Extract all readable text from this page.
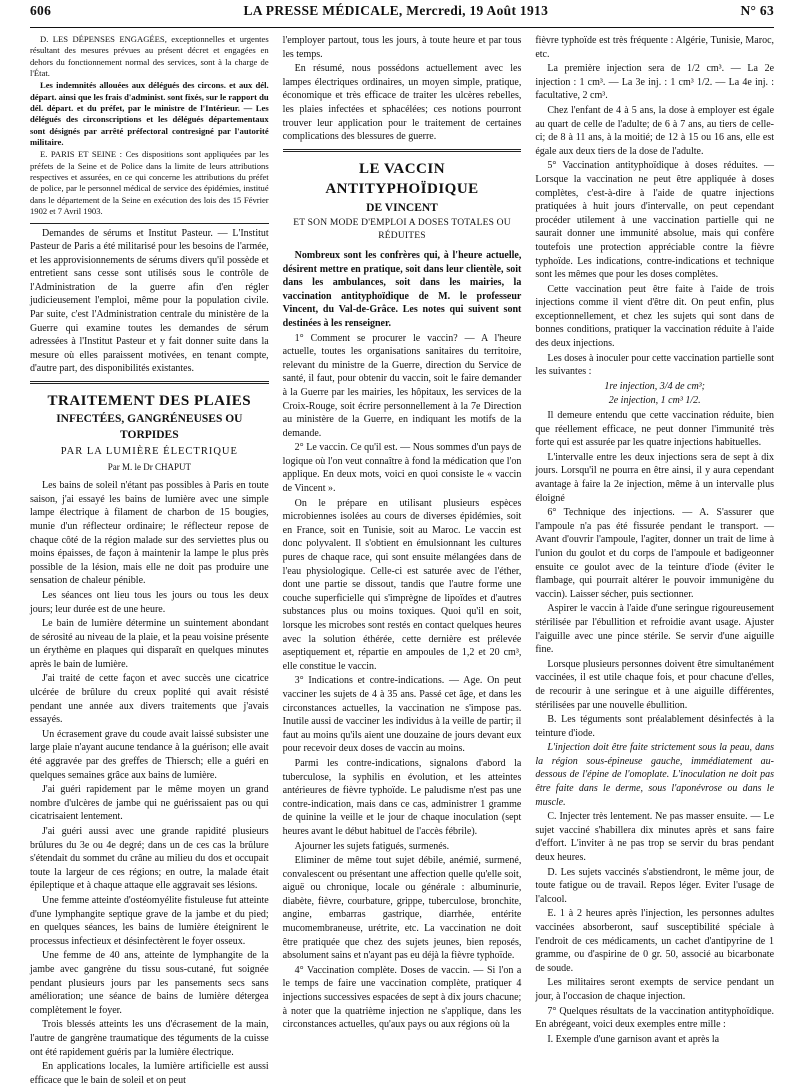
606	LA PRESSE MÉDICALE, Mercredi, 19 Août 1913	N° 63

D. LES DÉPENSES ENGAGÉES, exceptionnelles et urgentes résultant des mesures prévues au présent décret et engagées en dehors du fonctionnement normal des services, sont à la charge de l'État.

Les indemnités allouées aux délégués des circons. et aux dél. départ. ainsi que les frais d'administ. sont fixés, sur le rapport du dél. départ. et du préfet, par le ministre de l'Intérieur. — Les délégués des circonscriptions et les délégués départementaux sont désignés par arrêté préfectoral contresigné par l'autorité militaire.

E. PARIS ET SEINE : Ces dispositions sont appliquées par les préfets de la Seine et de Police dans la limite de leurs attributions respectives et assurées, en ce qui concerne les attributions du préfet de police, par le personnel médical de service des épidémies, institué dans le département de la Seine en exécution des lois des 15 Février 1902 et 7 Avril 1903.

Demandes de sérums et Institut Pasteur. — L'Institut Pasteur de Paris a été militarisé pour les besoins de l'armée, et les approvisionnements de sérums divers qu'il possède et entretient sans cesse sont utilisés sous le contrôle de l'Administration de la guerre afin d'en régler judicieusement l'emploi, même pour la population civile. Par suite, c'est l'Administration centrale du ministère de la Guerre qui examine toutes les demandes de sérum adressées à l'Institut Pasteur et y fait donner suite dans la mesure où elles paraissent motivées, en tenant compte, d'autre part, des disponibilités existantes.

TRAITEMENT DES PLAIES
INFECTÉES, GANGRÉNEUSES OU TORPIDES
PAR LA LUMIÈRE ÉLECTRIQUE
Par M. le Dr CHAPUT

Les bains de soleil n'étant pas possibles à Paris en toute saison, j'ai essayé les bains de lumière avec une simple lampe électrique à filament de charbon de 15 bougies, munie d'un réflecteur ordinaire; le réflecteur repose de chaque côté de la région malade sur des serviettes plus ou moins épaisses, de façon à maintenir la lampe le plus près possible de la lésion, mais elle ne doit pas produire une sensation de chaleur pénible.

Les séances ont lieu tous les jours ou tous les deux jours; leur durée est de une heure.

Le bain de lumière détermine un suintement abondant de sérosité au niveau de la plaie, et la peau voisine présente un érythème en plaques qui disparaît en quelques minutes après le bain de lumière.

J'ai traité de cette façon et avec succès une cicatrice ulcérée de brûlure du creux poplité qui avait résisté pendant une année aux divers traitements que j'avais essayés.

Un écrasement grave du coude avait laissé subsister une large plaie n'ayant aucune tendance à la guérison; elle avait été aggravée par des greffes de Thiersch; elle a guéri en quelques semaines grâce aux bains de lumière.

J'ai guéri rapidement par le même moyen un grand nombre d'ulcères de jambe qui ne guérissaient pas ou qui cicatrisaient lentement.

J'ai guéri aussi avec une grande rapidité plusieurs brûlures du 3e ou 4e degré; dans un de ces cas la brûlure s'étendait du sommet du crâne au milieu du dos et occupait toute la largeur de ces régions; en outre, la malade était épileptique et à chaque attaque elle aggravait ses lésions.

Une femme atteinte d'ostéomyélite fistuleuse fut atteinte d'une lymphangite septique grave de la jambe et du pied; en quelques séances, les bains de lumière éteignirent le processus infectieux et désinfectèrent le foyer osseux.

Une femme de 40 ans, atteinte de lymphangite de la jambe avec gangrène du tissu sous-cutané, fut soignée pendant plusieurs jours par les pansements secs sans amélioration; une séance de bains de lumière détergea complètement le foyer.

Trois blessés atteints les uns d'écrasement de la main, l'autre de gangrène traumatique des téguments de la cuisse ont été rapidement guéris par la lumière électrique.

En applications locales, la lumière artificielle est aussi efficace que le bain de soleil et on peut

l'employer partout, tous les jours, à toute heure et par tous les temps.

En résumé, nous possédons actuellement avec les lampes électriques ordinaires, un moyen simple, pratique, économique et très efficace de traiter les ulcères rebelles, les plaies infectées et sphacélées; ces notions pourront trouver leur application pour le traitement de certaines complications des blessures de guerre.

LE VACCIN ANTITYPHOÏDIQUE
DE VINCENT
ET SON MODE D'EMPLOI A DOSES TOTALES OU RÉDUITES

Nombreux sont les confrères qui, à l'heure actuelle, désirent mettre en pratique, soit dans leur clientèle, soit dans les ambulances, soit dans les mairies, la vaccination antityphoïdique de M. le professeur Vincent, du Val-de-Grâce. Les notes qui suivent sont destinées à les renseigner.

1° Comment se procurer le vaccin? — A l'heure actuelle, toutes les organisations sanitaires du territoire, relevant du ministre de la Guerre, direction du Service de santé, il faut, pour obtenir du vaccin, soit le faire demander à la Guerre par les mairies, les hôpitaux, les services de la Croix-Rouge, soit écrire personnellement à la 7e Direction au ministère de la Guerre, en indiquant les motifs de la demande.

2° Le vaccin. Ce qu'il est. — Nous sommes d'un pays de logique où l'on veut connaître à fond la médication que l'on applique. En deux mots, voici en quoi consiste le « vaccin de Vincent ».

On le prépare en utilisant plusieurs espèces microbiennes isolées au cours de diverses épidémies, soit en France, soit en Tunisie, soit au Maroc. Le vaccin est donc polyvalent. Il s'obtient en émulsionnant les cultures pures de chaque race, qui sont ensuite mélangées dans de l'eau physiologique. Celle-ci est saturée avec de l'éther, dont une partie se dissout, tandis que l'autre forme une couche superficielle qui s'imprègne de lipoïdes et d'autres substances plus ou moins toxiques. Quoi qu'il en soit, lorsque les microbes sont restés en contact quelques heures avec la solution éthérée, cette dernière est prélevée aseptiquement et, répartie en ampoules de 1,2 et 20 cm³, elle constitue le vaccin.

3° Indications et contre-indications. — Age. On peut vacciner les sujets de 4 à 35 ans. Passé cet âge, et dans les circonstances actuelles, la vaccination ne s'impose pas. Inutile aussi de vacciner les individus à la veille de partir; il faut au moins qu'ils aient une douzaine de jours devant eux pour recevoir deux doses de vaccin au moins.

Parmi les contre-indications, signalons d'abord la tuberculose, la syphilis en évolution, et les atteintes antérieures de fièvre typhoïde. Le paludisme n'est pas une contre-indication, mais dans ce cas, administrer 1 gramme de quinine la veille et le jour de chaque inoculation (sept heures avant le début habituel de l'accès fébrile).

Ajourner les sujets fatigués, surmenés.

Eliminer de même tout sujet débile, anémié, surmené, convalescent ou présentant une affection quelle qu'elle soit, aiguë ou chronique, locale ou générale : albuminurie, diabète, fièvre, courbature, grippe, tuberculose, bronchite, angine, embarras gastrique, diarrhée, entérite mucomembraneuse, urétrite, etc. La vaccination ne doit être pratiquée que chez des sujets jeunes, bien reposés, absolument sains et n'ayant pas eu déjà la fièvre typhoïde.

4° Vaccination complète. Doses de vaccin. — Si l'on a le temps de faire une vaccination complète, pratiquer 4 injections successives espacées de sept à dix jours chacune; à noter que la quatrième injection ne s'applique, dans les circonstances actuelles, qu'aux pays ou aux régions où la

fièvre typhoïde est très fréquente : Algérie, Tunisie, Maroc, etc.

La première injection sera de 1/2 cm³. — La 2e injection : 1 cm³. — La 3e inj. : 1 cm³ 1/2. — La 4e inj. : facultative, 2 cm³.

Chez l'enfant de 4 à 5 ans, la dose à employer est égale au quart de celle de l'adulte; de 6 à 7 ans, au tiers de celle-ci; de 8 à 11 ans, à la moitié; de 12 à 15 ou 16 ans, elle est égale aux deux tiers de la dose de l'adulte.

5° Vaccination antityphoïdique à doses réduites. — Lorsque la vaccination ne peut être appliquée à doses complètes, c'est-à-dire à l'aide de quatre injections pratiquées à huit jours d'intervalle, on peut cependant procéder utilement à une vaccination partielle qui ne saurait donner une immunité absolue, mais qui confère toutefois une protection appréciable contre la fièvre typhoïde. Les indications, contre-indications et technique sont les mêmes que pour les doses complètes.

Cette vaccination peut être faite à l'aide de trois injections comme il vient d'être dit. On peut enfin, plus exceptionnellement, et chez les sujets qui sont dans de bonnes conditions, pratiquer la vaccination réduite à l'aide des deux injections.

Les doses à inoculer pour cette vaccination partielle sont les suivantes :

1re injection, 3/4 de cm³;

2e injection, 1 cm³ 1/2.

Il demeure entendu que cette vaccination réduite, bien que réellement efficace, ne peut donner l'immunité très forte qui est assurée par les quatre injections habituelles.

L'intervalle entre les deux injections sera de sept à dix jours. Lorsqu'il ne pourra en être ainsi, il y aura cependant avantage à faire la 2e injection, même à un intervalle plus éloigné

6° Technique des injections. — A. S'assurer que l'ampoule n'a pas été fissurée pendant le transport. — Avant d'ouvrir l'ampoule, l'agiter, donner un trait de lime à l'union du goulot et du corps de l'ampoule et badigeonner ensuite ce goulot avec de la teinture d'iode (éviter le flambage, qui pourrait altérer le pouvoir immunigène du vaccin). Laisser sécher, puis sectionner.

Aspirer le vaccin à l'aide d'une seringue rigoureusement stérilisée par l'ébullition et refroidie avant usage. Ajuster l'aiguille avec une pince stérile. Se servir d'une aiguille fine.

Lorsque plusieurs personnes doivent être simultanément vaccinées, il est utile chaque fois, et pour chacune d'elles, de recourir à une seringue et à une aiguille différentes, stérilisées par une nouvelle ébullition.

B. Les téguments sont préalablement désinfectés à la teinture d'iode.

L'injection doit être faite strictement sous la peau, dans la région sous-épineuse gauche, immédiatement au-dessous de l'épine de l'omoplate. L'inoculation ne doit pas être faite dans le derme, sous l'aponévrose ou dans le muscle.

C. Injecter très lentement. Ne pas masser ensuite. — Le sujet vacciné s'habillera dix minutes après et sans faire d'effort. L'inviter à ne pas trop se servir du bras pendant deux heures.

D. Les sujets vaccinés s'abstiendront, le même jour, de toute fatigue ou de travail. Repos léger. Eviter l'usage de l'alcool.

E. 1 à 2 heures après l'injection, les personnes adultes vaccinées absorberont, sauf susceptibilité spéciale à l'endroit de ces médicaments, un cachet d'antipyrine de 1 gramme, ou d'aspirine de 0 gr. 50, associé au bicarbonate de soude.

Les militaires seront exempts de service pendant un jour, à l'occasion de chaque injection.

7° Quelques résultats de la vaccination antityphoïdique. En abrégeant, voici deux exemples entre mille :

I. Exemple d'une garnison avant et après la
